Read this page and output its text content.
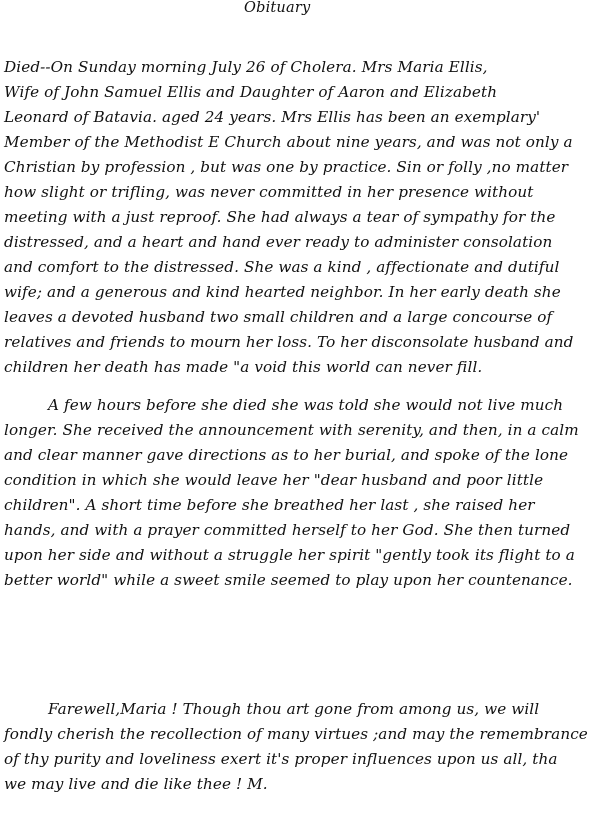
Obituary
Died--On Sunday morning July 26 of Cholera. Mrs Maria Ellis,
Wife of John Samuel Ellis and Daughter of Aaron and Elizabeth
Leonard of Batavia. aged 24 years. Mrs Ellis has been an exemplary'
Member of the Methodist E Church about nine years, and was not only a
Christian by profession , but was one by practice. Sin or folly ,no matter
how slight or trifling, was never committed in her presence without
meeting with a just reproof. She had always a tear of sympathy for the
distressed, and a heart and hand ever ready to administer consolation
and comfort to the distressed. She was a kind , affectionate and dutiful
wife; and a generous and kind hearted neighbor. In her early death she
leaves a devoted husband two small children and a large concourse of
relatives and friends to mourn her loss. To her disconsolate husband and
children her death has made "a void this world can never fill.
A few hours before she died she was told she would not live much
longer. She received the announcement with serenity, and then, in a calm
and clear manner gave directions as to her burial, and spoke of the lone
condition in which she would leave her "dear husband and poor little
children". A short time before she breathed her last , she raised her
hands, and with a prayer committed herself to her God. She then turned
upon her side and without a struggle her spirit "gently took its flight to a
better world" while a sweet smile seemed to play upon her countenance.
Farewell,Maria ! Though thou art gone from among us, we will
fondly cherish the recollection of many virtues ;and may the remembrance
of thy purity and loveliness exert it's proper influences upon us all, tha
we may live and die like thee ! M.
